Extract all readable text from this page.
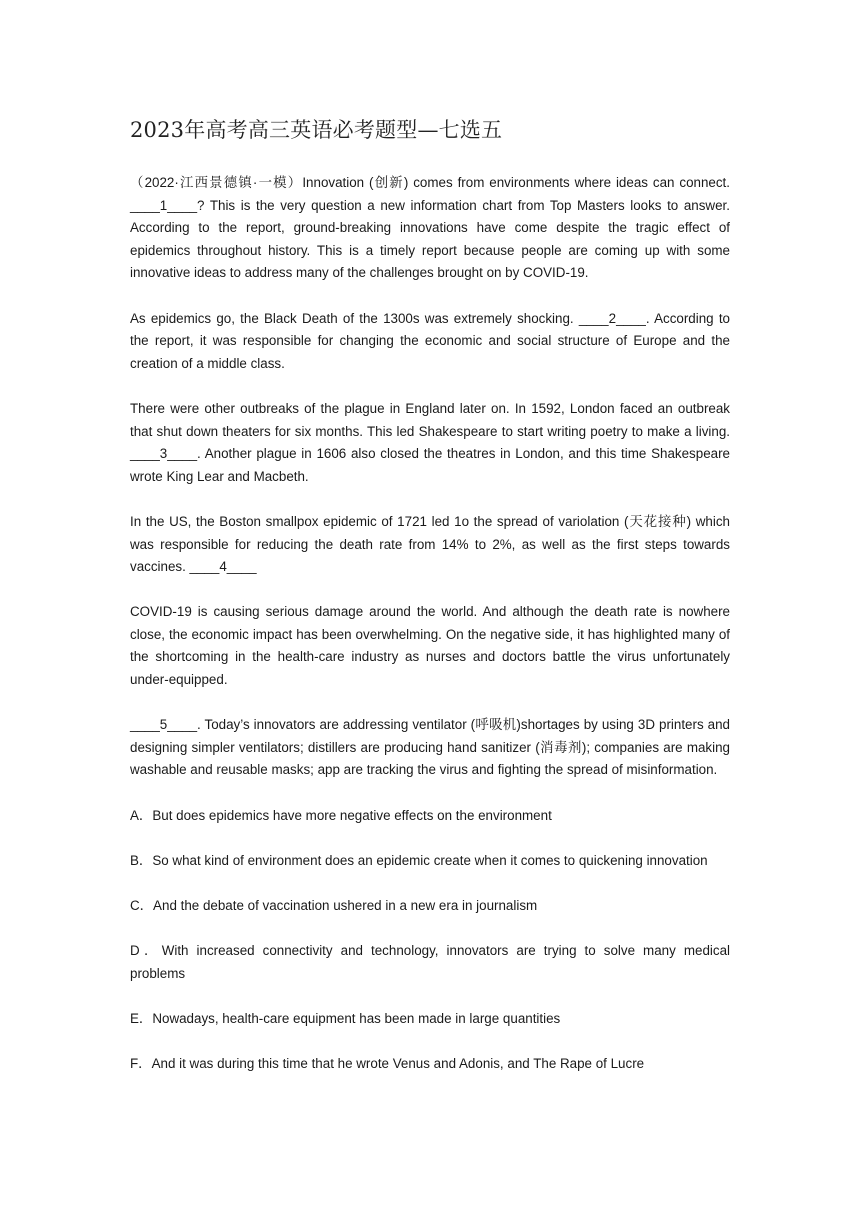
2023年高考高三英语必考题型—七选五

（2022·江西景德镇·一模）Innovation (创新) comes from environments where ideas can connect. ____1____? This is the very question a new information chart from Top Masters looks to answer. According to the report, ground-breaking innovations have come despite the tragic effect of epidemics throughout history. This is a timely report because people are coming up with some innovative ideas to address many of the challenges brought on by COVID-19.

As epidemics go, the Black Death of the 1300s was extremely shocking. ____2____. According to the report, it was responsible for changing the economic and social structure of Europe and the creation of a middle class.

There were other outbreaks of the plague in England later on. In 1592, London faced an outbreak that shut down theaters for six months. This led Shakespeare to start writing poetry to make a living. ____3____. Another plague in 1606 also closed the theatres in London, and this time Shakespeare wrote King Lear and Macbeth.

In the US, the Boston smallpox epidemic of 1721 led 1o the spread of variolation (天花接种) which was responsible for reducing the death rate from 14% to 2%, as well as the first steps towards vaccines. ____4____

COVID-19 is causing serious damage around the world. And although the death rate is nowhere close, the economic impact has been overwhelming. On the negative side, it has highlighted many of the shortcoming in the health-care industry as nurses and doctors battle the virus unfortunately under-equipped.

____5____. Today’s innovators are addressing ventilator (呼吸机)shortages by using 3D printers and designing simpler ventilators; distillers are producing hand sanitizer (消毒剂); companies are making washable and reusable masks; app are tracking the virus and fighting the spread of misinformation.

A．But does epidemics have more negative effects on the environment

B．So what kind of environment does an epidemic create when it comes to quickening innovation

C．And the debate of vaccination ushered in a new era in journalism

D．With increased connectivity and technology, innovators are trying to solve many medical problems

E．Nowadays, health-care equipment has been made in large quantities

F．And it was during this time that he wrote Venus and Adonis, and The Rape of Lucre
